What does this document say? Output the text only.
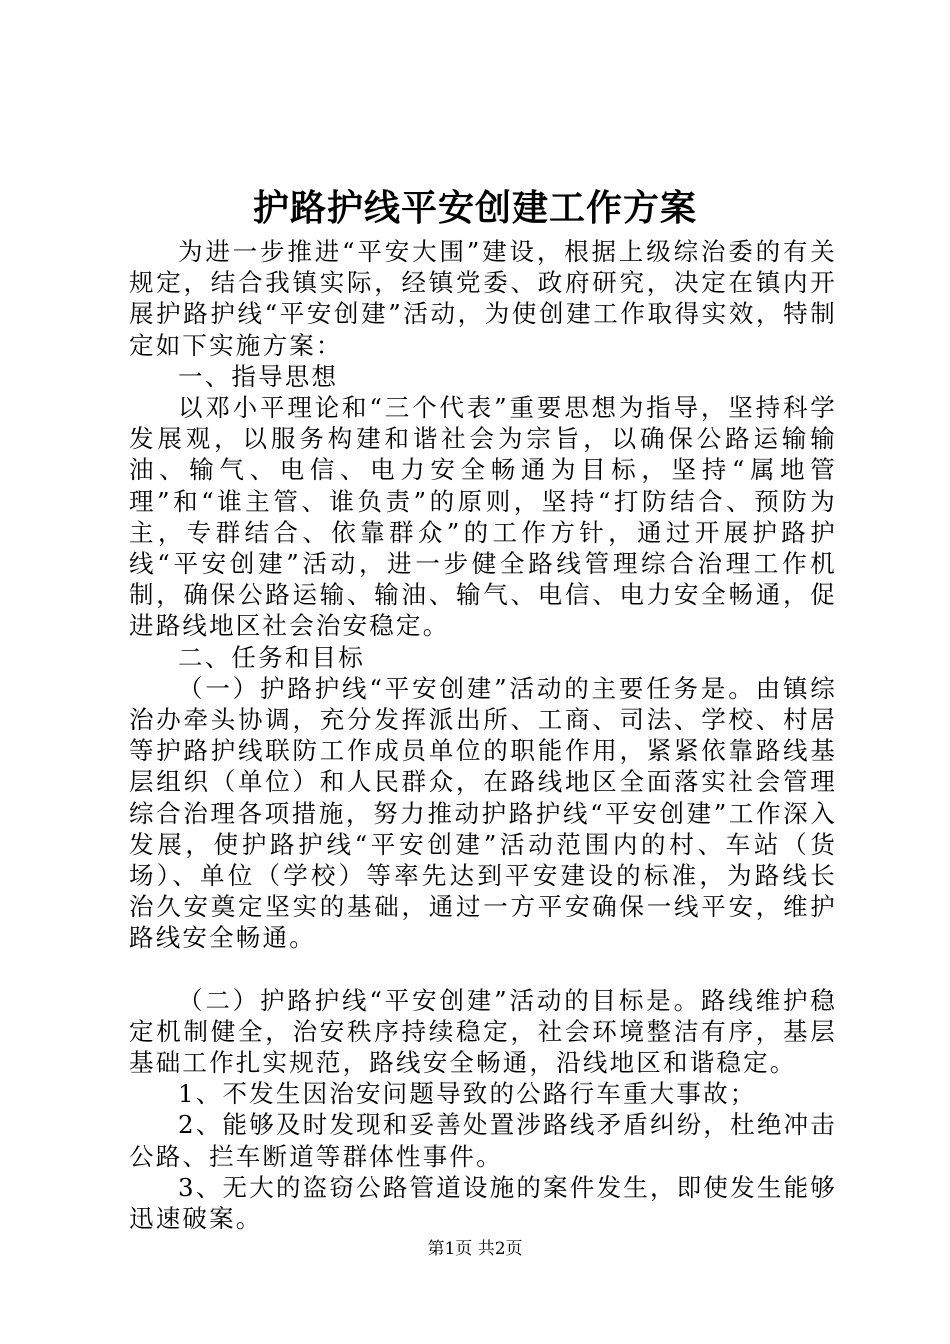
护路护线平安创建工作方案

为进一步推进“平安大围”建设，根据上级综治委的有关规定，结合我镇实际，经镇党委、政府研究，决定在镇内开展护路护线“平安创建”活动，为使创建工作取得实效，特制定如下实施方案：

一、指导思想

以邓小平理论和“三个代表”重要思想为指导，坚持科学发展观，以服务构建和谐社会为宗旨，以确保公路运输输油、输气、电信、电力安全畅通为目标，坚持“属地管理”和“谁主管、谁负责”的原则，坚持“打防结合、预防为主，专群结合、依靠群众”的工作方针，通过开展护路护线“平安创建”活动，进一步健全路线管理综合治理工作机制，确保公路运输、输油、输气、电信、电力安全畅通，促进路线地区社会治安稳定。

二、任务和目标

（一）护路护线“平安创建”活动的主要任务是。由镇综治办牵头协调，充分发挥派出所、工商、司法、学校、村居等护路护线联防工作成员单位的职能作用，紧紧依靠路线基层组织（单位）和人民群众，在路线地区全面落实社会管理综合治理各项措施，努力推动护路护线“平安创建”工作深入发展，使护路护线“平安创建”活动范围内的村、车站（货场）、单位（学校）等率先达到平安建设的标准，为路线长治久安奠定坚实的基础，通过一方平安确保一线平安，维护路线安全畅通。

（二）护路护线“平安创建”活动的目标是。路线维护稳定机制健全，治安秩序持续稳定，社会环境整洁有序，基层基础工作扎实规范，路线安全畅通，沿线地区和谐稳定。

1、不发生因治安问题导致的公路行车重大事故；

2、能够及时发现和妥善处置涉路线矛盾纠纷，杜绝冲击公路、拦车断道等群体性事件。

3、无大的盗窃公路管道设施的案件发生，即使发生能够迅速破案。

第1页 共2页
